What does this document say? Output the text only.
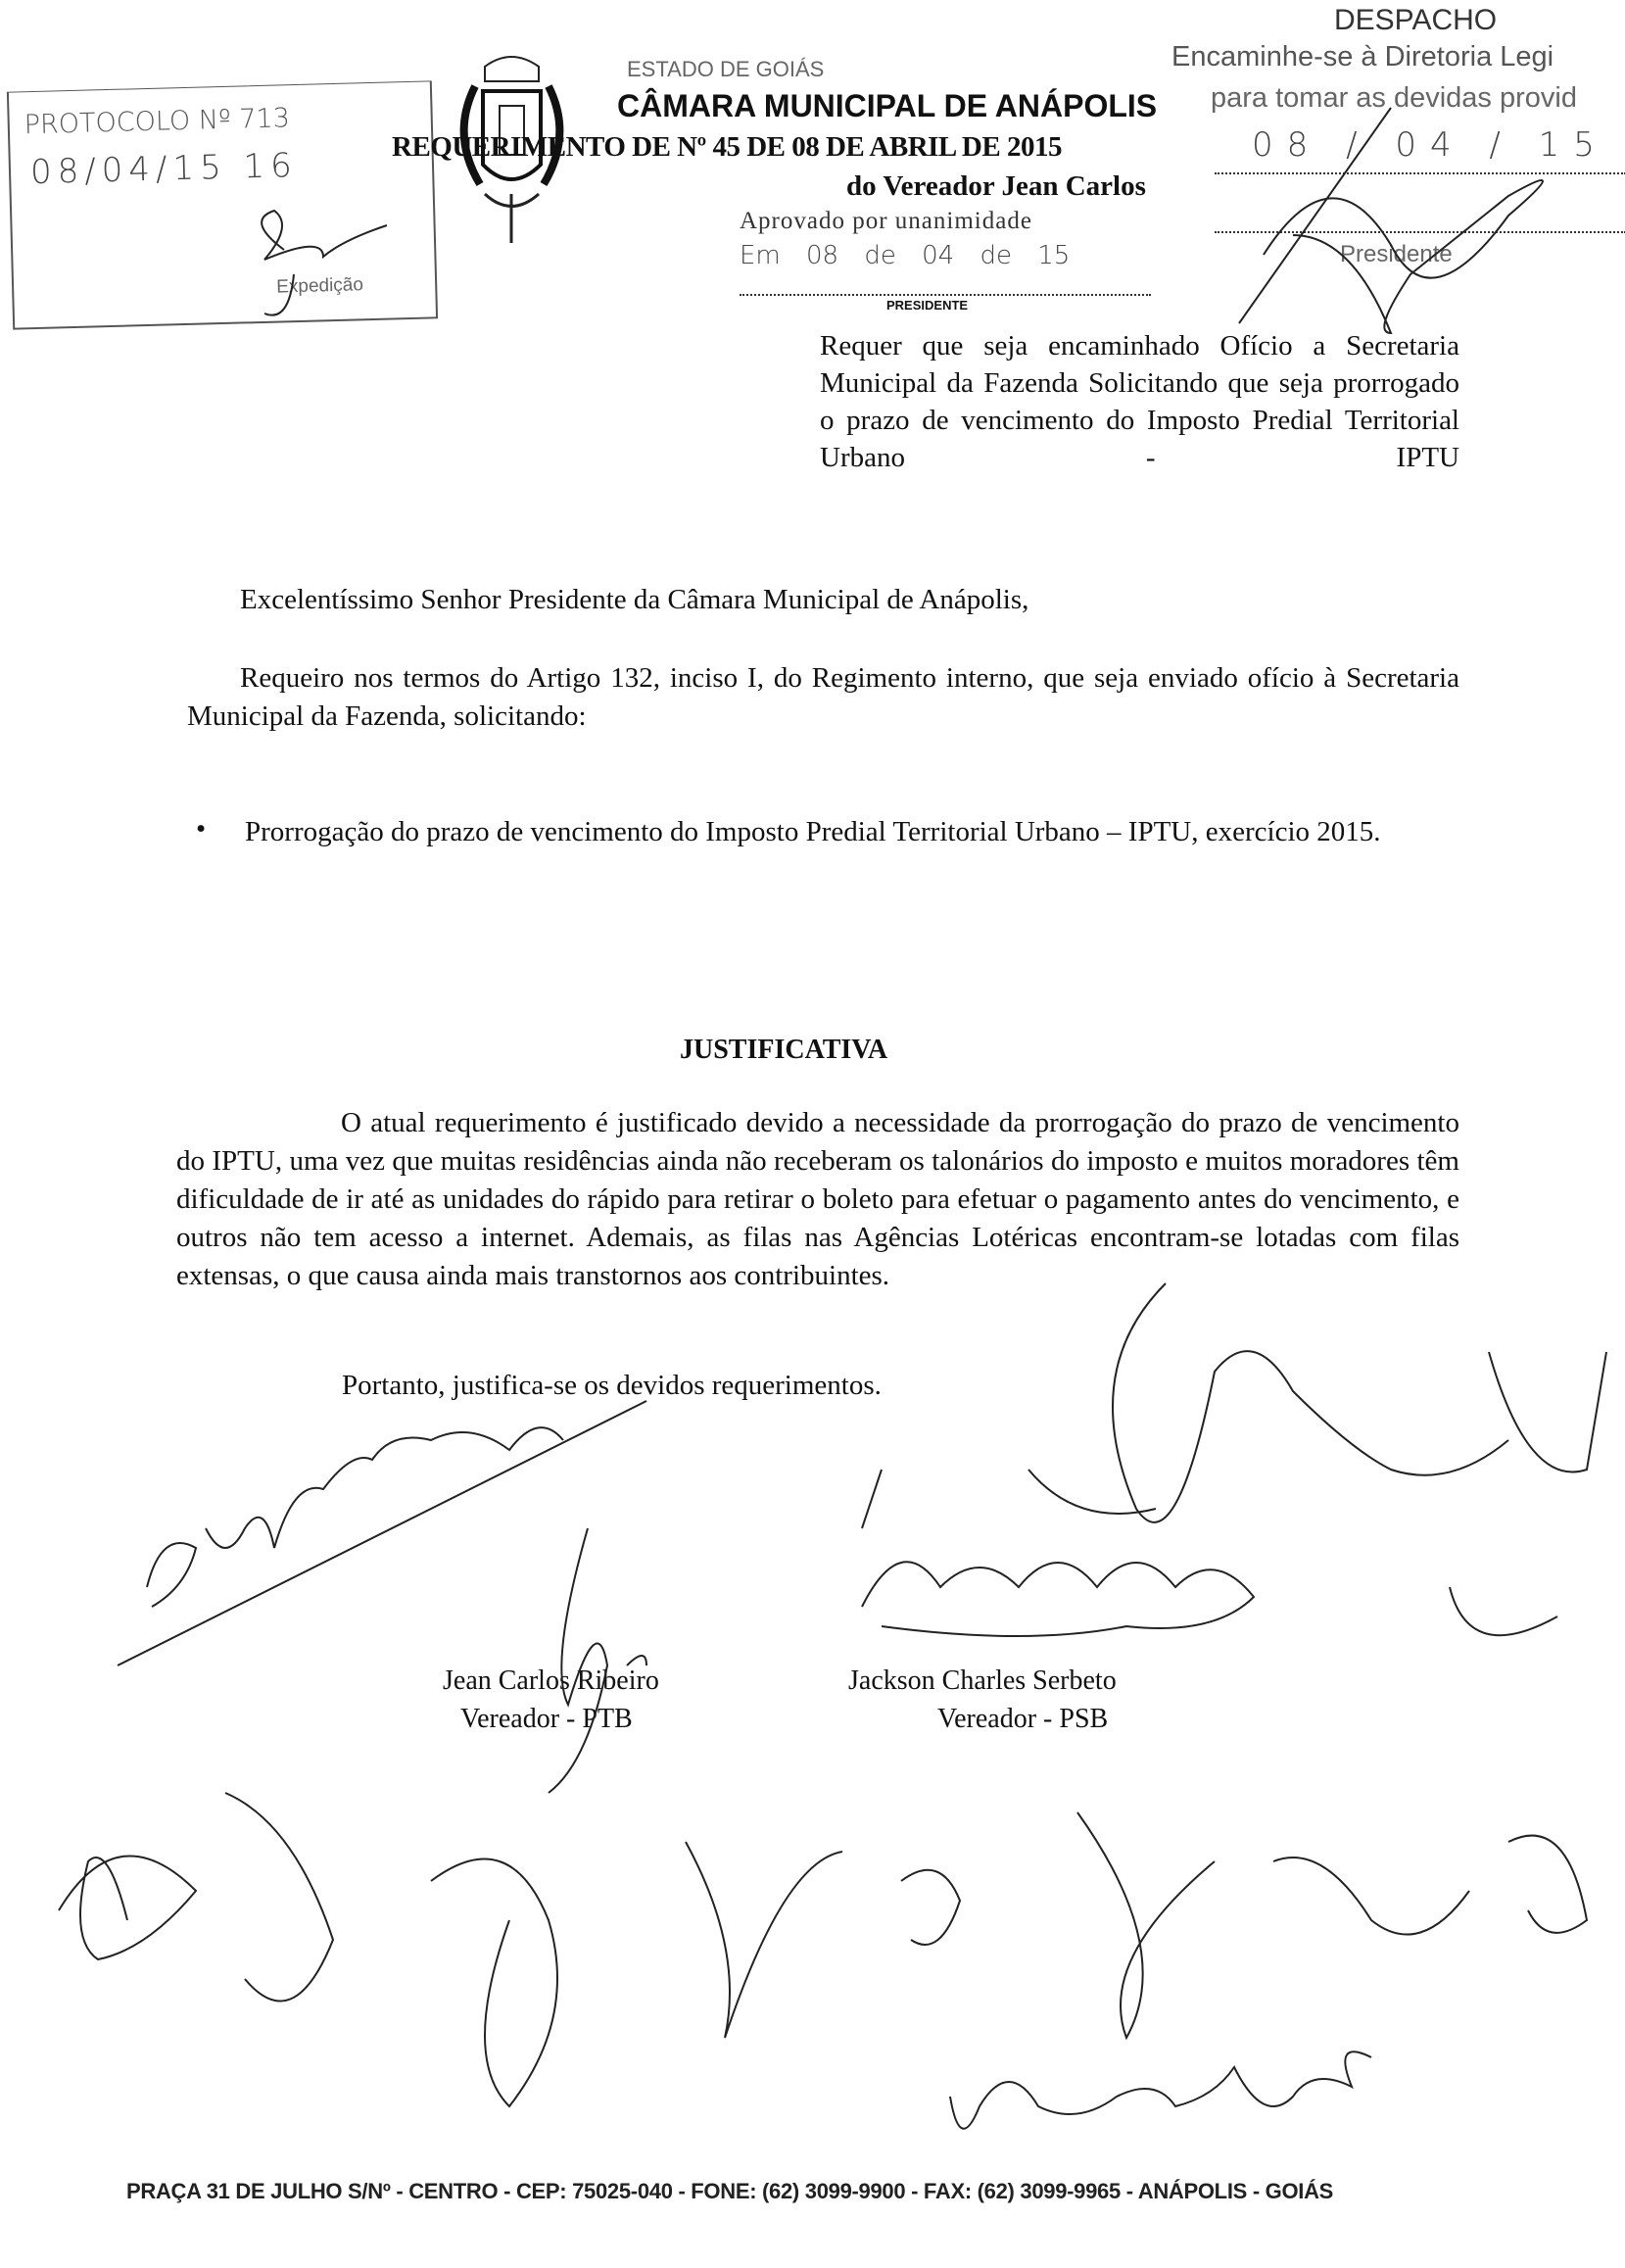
DESPACHO
Encaminhe-se à Diretoria Legi
para tomar as devidas provid
08 / 04 / 15
Presidente
PROTOCOLO Nº 713
08/04/15 16
Expedição
ESTADO DE GOIÁS
CÂMARA MUNICIPAL DE ANÁPOLIS
REQUERIMENTO DE Nº 45 DE 08 DE ABRIL DE 2015
do Vereador Jean Carlos
Aprovado por unanimidade
Em 08 de 04 de 15
PRESIDENTE
Requer que seja encaminhado Ofício a Secretaria Municipal da Fazenda Solicitando que seja prorrogado o prazo de vencimento do Imposto Predial Territorial Urbano - IPTU
Excelentíssimo Senhor Presidente da Câmara Municipal de Anápolis,
Requeiro nos termos do Artigo 132, inciso I, do Regimento interno, que seja enviado ofício à Secretaria Municipal da Fazenda, solicitando:
• Prorrogação do prazo de vencimento do Imposto Predial Territorial Urbano – IPTU, exercício 2015.
JUSTIFICATIVA
O atual requerimento é justificado devido a necessidade da prorrogação do prazo de vencimento do IPTU, uma vez que muitas residências ainda não receberam os talonários do imposto e muitos moradores têm dificuldade de ir até as unidades do rápido para retirar o boleto para efetuar o pagamento antes do vencimento, e outros não tem acesso a internet. Ademais, as filas nas Agências Lotéricas encontram-se lotadas com filas extensas, o que causa ainda mais transtornos aos contribuintes.
Portanto, justifica-se os devidos requerimentos.
Jean Carlos Ribeiro
Vereador - PTB
Jackson Charles Serbeto
Vereador - PSB
PRAÇA 31 DE JULHO S/Nº - CENTRO - CEP: 75025-040 - FONE: (62) 3099-9900 - FAX: (62) 3099-9965 - ANÁPOLIS - GOIÁS
